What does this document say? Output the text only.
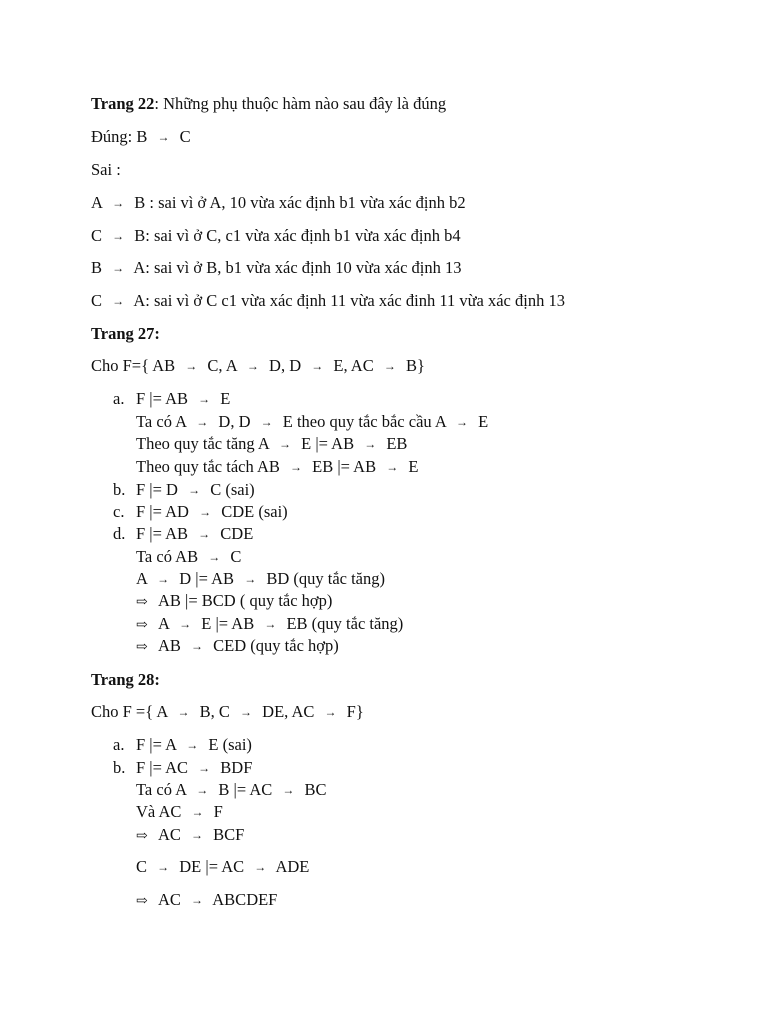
Trang 22: Những phụ thuộc hàm nào sau đây là đúng
Đúng: B → C
Sai :
A → B : sai vì ở A, 10 vừa xác định b1 vừa xác định b2
C → B: sai vì ở C, c1 vừa xác định b1 vừa xác định b4
B → A: sai vì ở B, b1 vừa xác định 10 vừa xác định 13
C → A: sai vì ở C c1 vừa xác định 11 vừa xác đinh 11 vừa xác định 13
Trang 27:
Cho F={ AB → C, A → D, D → E, AC → B}
a. F |= AB → E
Ta có A → D, D → E theo quy tắc bắc cầu A → E
Theo quy tắc tăng A → E |= AB → EB
Theo quy tắc tách AB → EB |= AB → E
b. F |= D → C (sai)
c. F |= AD → CDE (sai)
d. F |= AB → CDE
Ta có AB → C
A → D |= AB → BD (quy tắc tăng)
⇨ AB |= BCD ( quy tắc hợp)
⇨ A → E |= AB → EB (quy tắc tăng)
⇨ AB → CED (quy tắc hợp)
Trang 28:
Cho F ={ A → B, C → DE, AC → F}
a. F |= A → E (sai)
b. F |= AC → BDF
Ta có A → B |= AC → BC
Và AC → F
⇨ AC → BCF
C → DE |= AC → ADE
⇨ AC → ABCDEF
